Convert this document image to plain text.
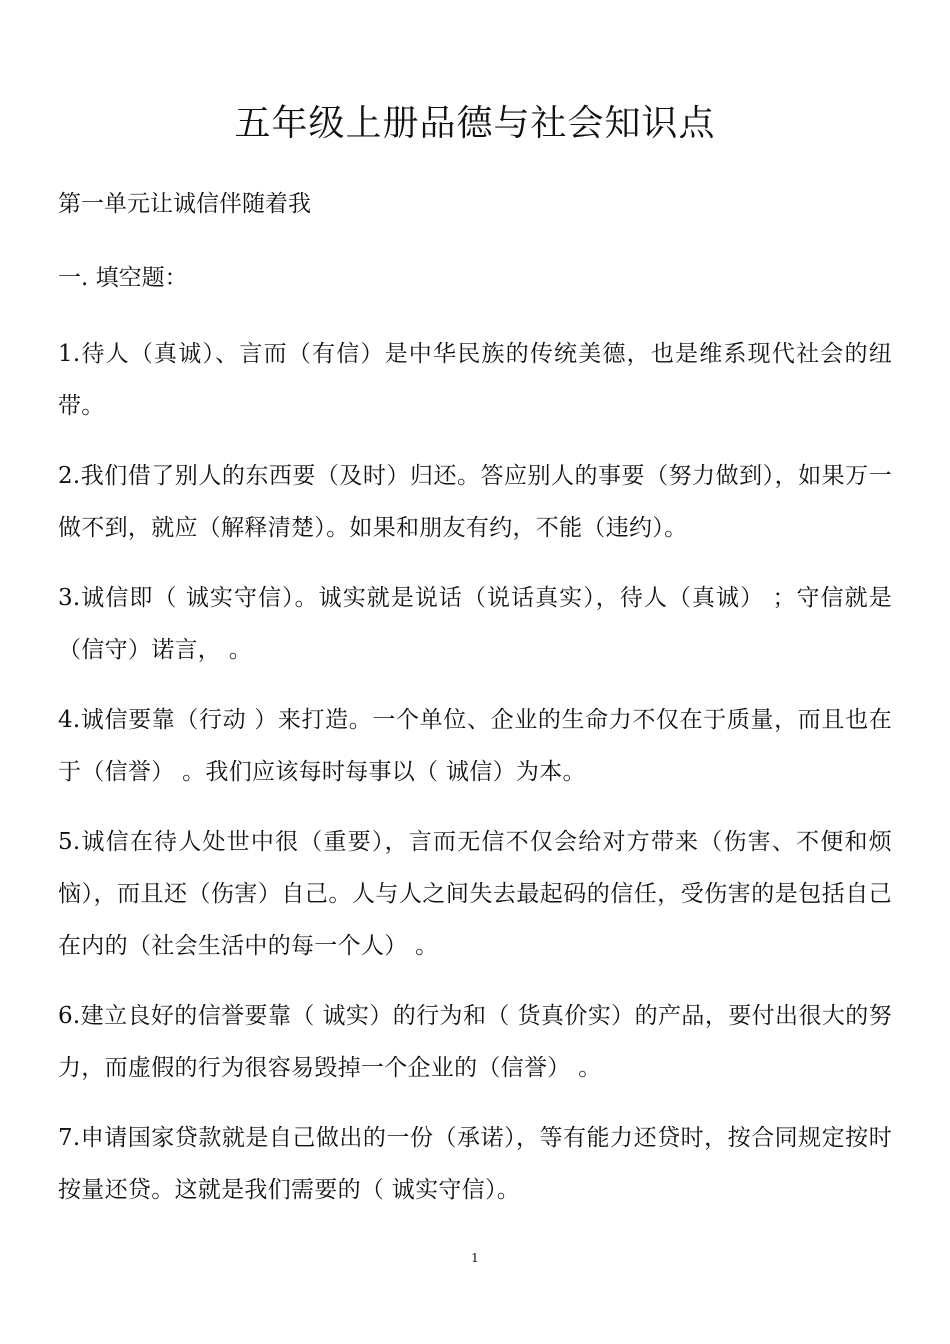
五年级上册品德与社会知识点
第一单元让诚信伴随着我
一. 填空题：

1.待人（真诚）、言而（有信）是中华民族的传统美德，也是维系现代社会的纽带。

2.我们借了别人的东西要（及时）归还。答应别人的事要（努力做到），如果万一做不到，就应（解释清楚）。如果和朋友有约，不能（违约）。

3.诚信即（ 诚实守信）。诚实就是说话（说话真实），待人（真诚） ；守信就是（信守）诺言， 。

4.诚信要靠（行动 ）来打造。一个单位、企业的生命力不仅在于质量，而且也在于（信誉） 。我们应该每时每事以（ 诚信）为本。

5.诚信在待人处世中很（重要），言而无信不仅会给对方带来（伤害、不便和烦恼），而且还（伤害）自己。人与人之间失去最起码的信任，受伤害的是包括自己在内的（社会生活中的每一个人） 。

6.建立良好的信誉要靠（ 诚实）的行为和（ 货真价实）的产品，要付出很大的努力，而虚假的行为很容易毁掉一个企业的（信誉） 。

7.申请国家贷款就是自己做出的一份（承诺），等有能力还贷时，按合同规定按时按量还贷。这就是我们需要的（ 诚实守信）。

1
